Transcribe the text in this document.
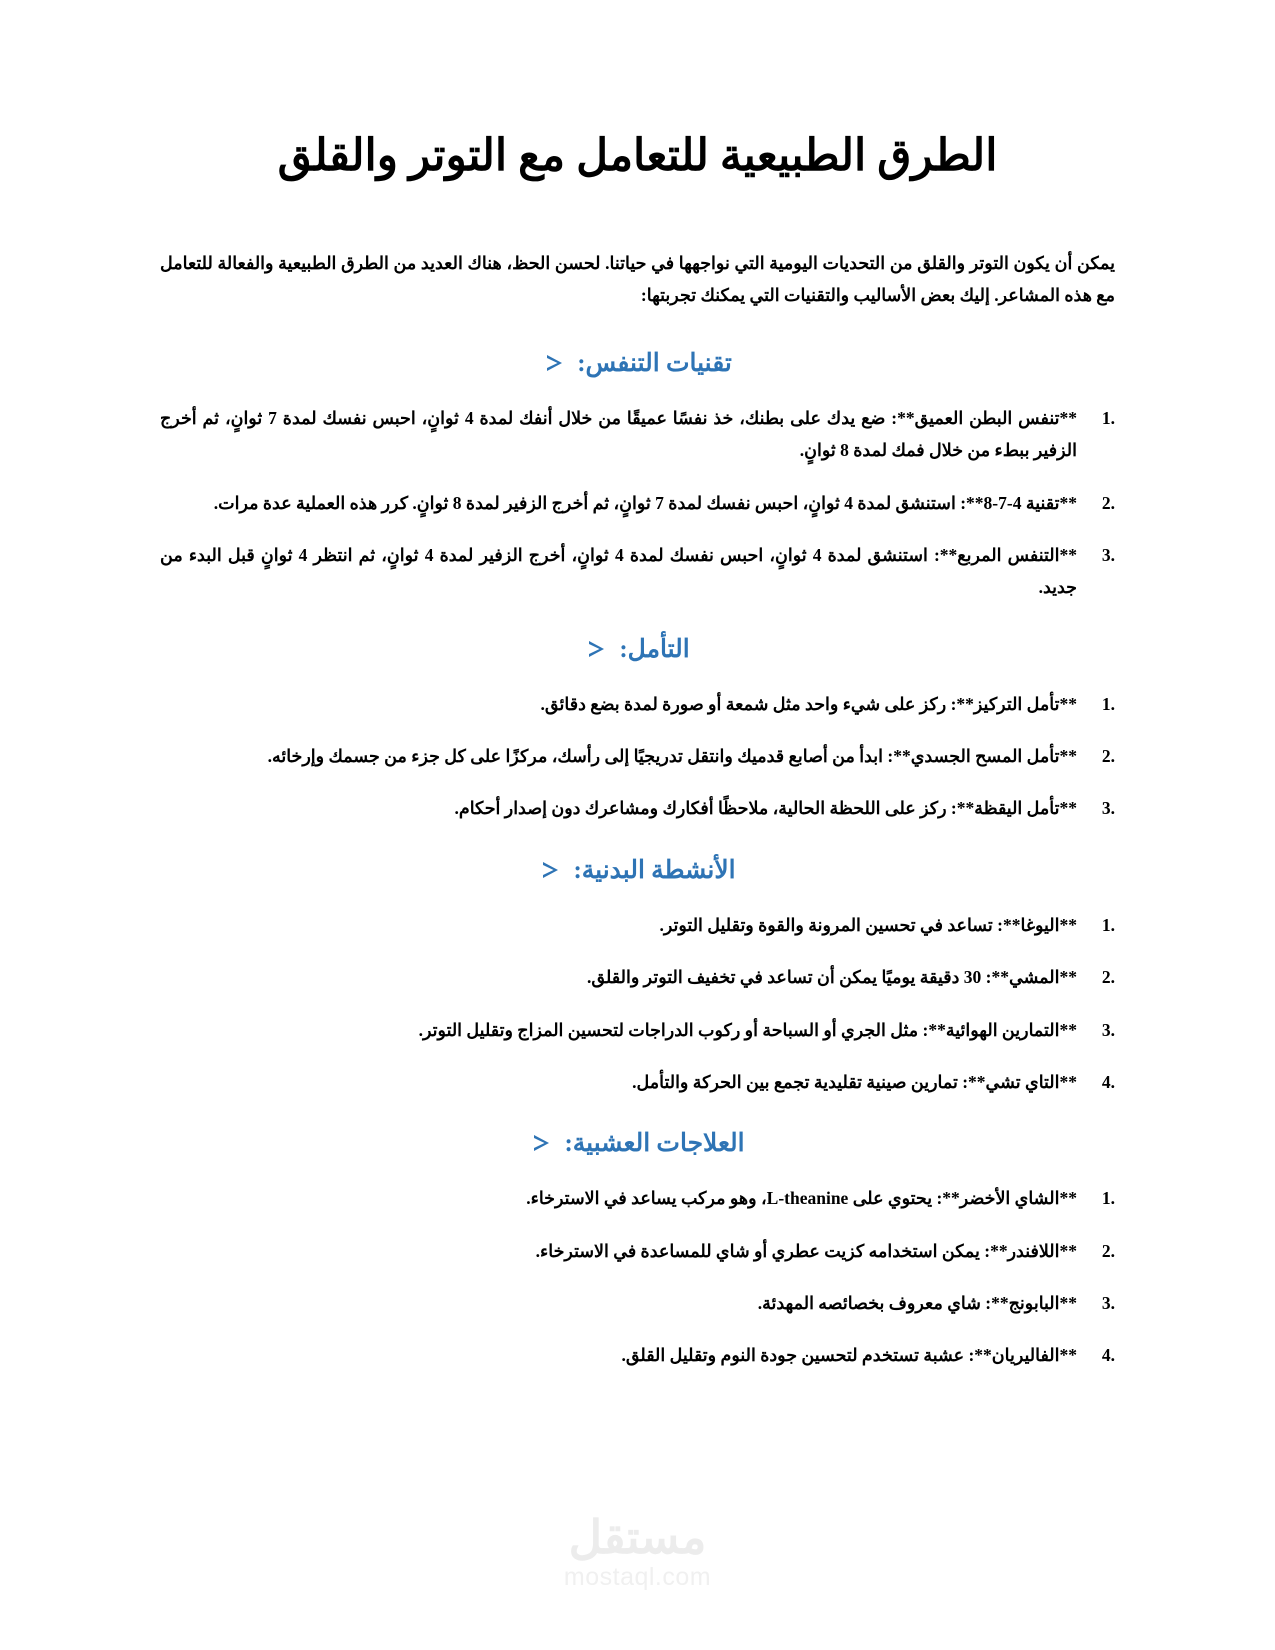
الطرق الطبيعية للتعامل مع التوتر والقلق

يمكن أن يكون التوتر والقلق من التحديات اليومية التي نواجهها في حياتنا. لحسن الحظ، هناك العديد من الطرق الطبيعية والفعالة للتعامل مع هذه المشاعر. إليك بعض الأساليب والتقنيات التي يمكنك تجربتها:

تقنيات التنفس:
**تنفس البطن العميق**: ضع يدك على بطنك، خذ نفسًا عميقًا من خلال أنفك لمدة 4 ثوانٍ، احبس نفسك لمدة 7 ثوانٍ، ثم أخرج الزفير ببطء من خلال فمك لمدة 8 ثوانٍ.
**تقنية 4-7-8**: استنشق لمدة 4 ثوانٍ، احبس نفسك لمدة 7 ثوانٍ، ثم أخرج الزفير لمدة 8 ثوانٍ. كرر هذه العملية عدة مرات.
**التنفس المربع**: استنشق لمدة 4 ثوانٍ، احبس نفسك لمدة 4 ثوانٍ، أخرج الزفير لمدة 4 ثوانٍ، ثم انتظر 4 ثوانٍ قبل البدء من جديد.
التأمل:
**تأمل التركيز**: ركز على شيء واحد مثل شمعة أو صورة لمدة بضع دقائق.
**تأمل المسح الجسدي**: ابدأ من أصابع قدميك وانتقل تدريجيًا إلى رأسك، مركزًا على كل جزء من جسمك وإرخائه.
**تأمل اليقظة**: ركز على اللحظة الحالية، ملاحظًا أفكارك ومشاعرك دون إصدار أحكام.
الأنشطة البدنية:
**اليوغا**: تساعد في تحسين المرونة والقوة وتقليل التوتر.
**المشي**: 30 دقيقة يوميًا يمكن أن تساعد في تخفيف التوتر والقلق.
**التمارين الهوائية**: مثل الجري أو السباحة أو ركوب الدراجات لتحسين المزاج وتقليل التوتر.
**التاي تشي**: تمارين صينية تقليدية تجمع بين الحركة والتأمل.
العلاجات العشبية:
**الشاي الأخضر**: يحتوي على L-theanine، وهو مركب يساعد في الاسترخاء.
**اللافندر**: يمكن استخدامه كزيت عطري أو شاي للمساعدة في الاسترخاء.
**البابونج**: شاي معروف بخصائصه المهدئة.
**الفاليريان**: عشبة تستخدم لتحسين جودة النوم وتقليل القلق.
مستقل
mostaql.com
